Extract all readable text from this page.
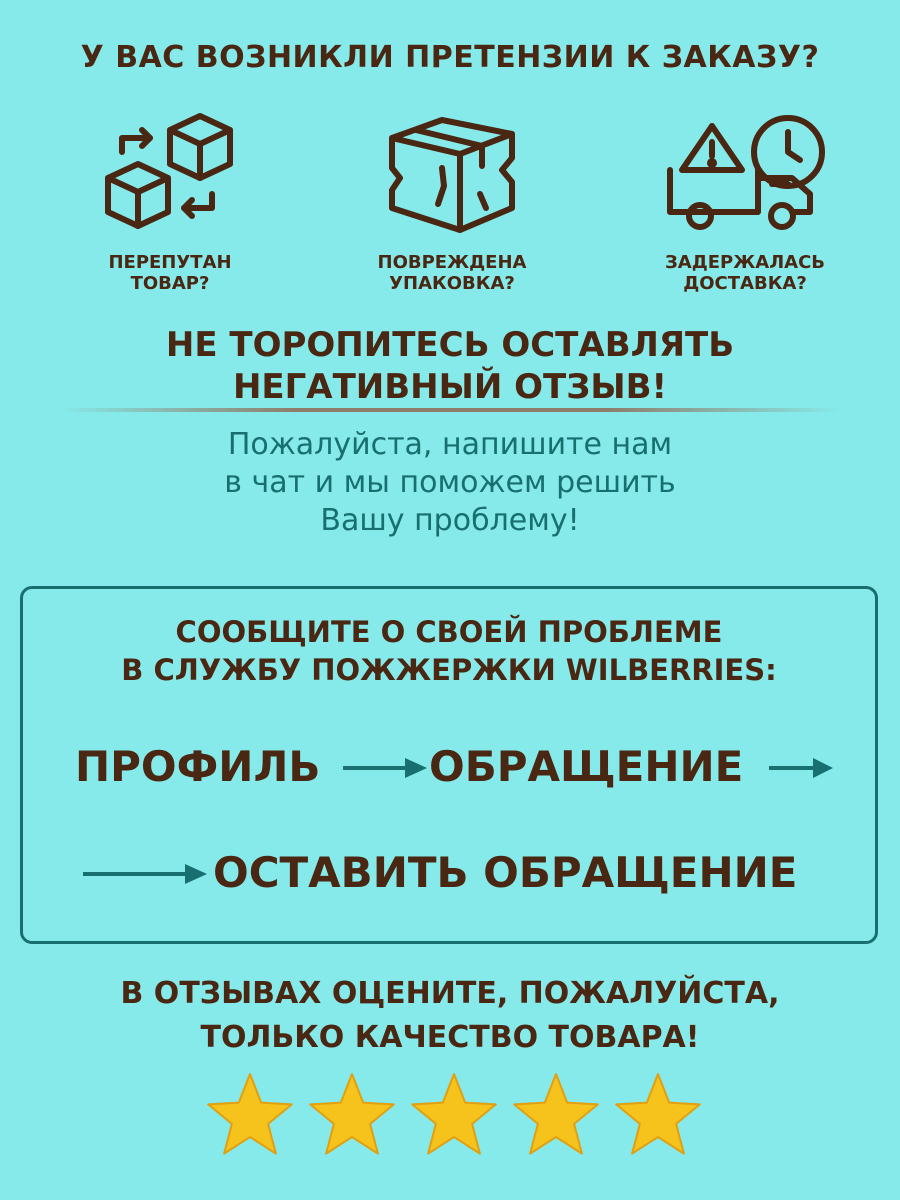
У ВАС ВОЗНИКЛИ ПРЕТЕНЗИИ К ЗАКАЗУ?
ПЕРЕПУТАН
ТОВАР?
ПОВРЕЖДЕНА
УПАКОВКА?
ЗАДЕРЖАЛАСЬ
ДОСТАВКА?
НЕ ТОРОПИТЕСЬ ОСТАВЛЯТЬ
НЕГАТИВНЫЙ ОТЗЫВ!
Пожалуйста, напишите нам
в чат и мы поможем решить
Вашу проблему!
СООБЩИТЕ О СВОЕЙ ПРОБЛЕМЕ
В СЛУЖБУ ПОЖЖЕРЖКИ WILBERRIES:
ПРОФИЛЬ	ОБРАЩЕНИЕ
ОСТАВИТЬ ОБРАЩЕНИЕ
В ОТЗЫВАХ ОЦЕНИТЕ, ПОЖАЛУЙСТА,
ТОЛЬКО КАЧЕСТВО ТОВАРА!
